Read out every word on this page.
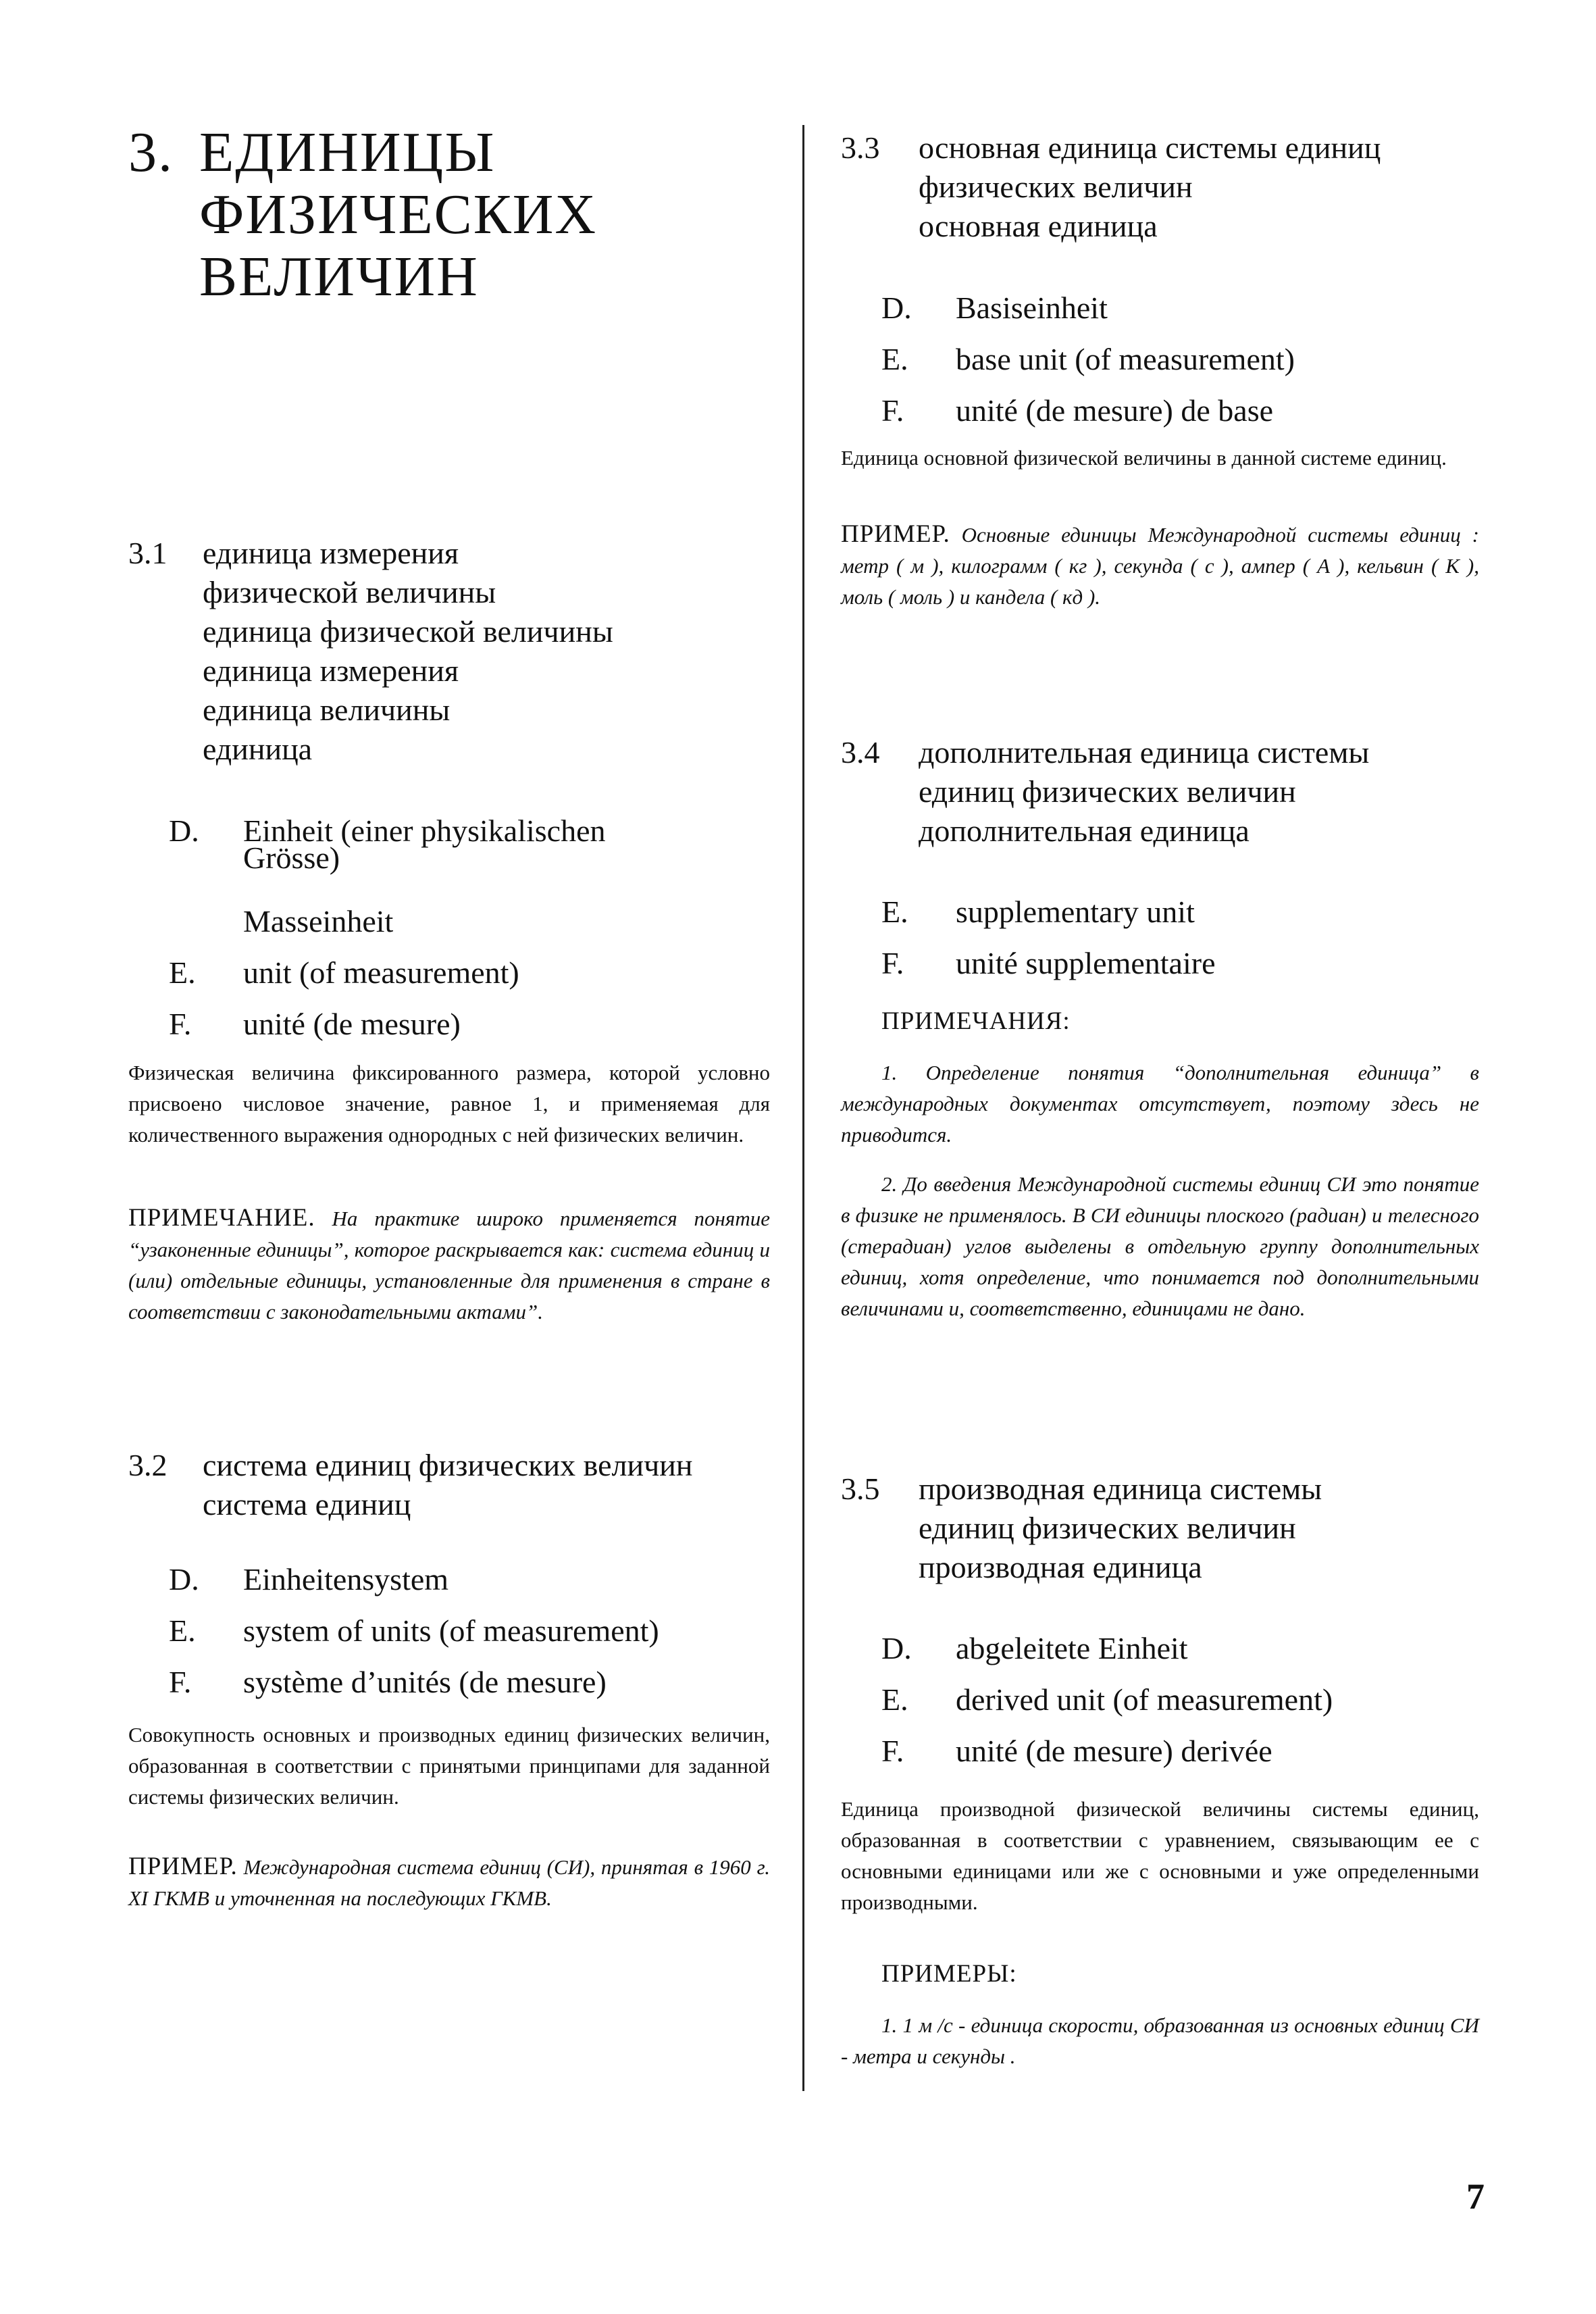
3. ЕДИНИЦЫ
ФИЗИЧЕСКИХ
ВЕЛИЧИН
3.1 единица измерения
физической величины
единица физической величины
единица измерения
единица величины
единица
D. Einheit (einer physikalischen
Grösse)
Masseinheit
E. unit (of measurement)
F. unité (de mesure)
Физическая величина фиксированного размера, которой условно присвоено числовое значение, равное 1, и применяемая для количественного выражения однородных с ней физических величин.
ПРИМЕЧАНИЕ. На практике широко применяется понятие “узаконенные единицы”, которое раскрывается как: система единиц и (или) отдельные единицы, установленные для применения в стране в соответствии с законодательными актами”.
3.2 система единиц физических величин
система единиц
D. Einheitensystem
E. system of units (of measurement)
F. système d’unités (de mesure)
Совокупность основных и производных единиц физических величин, образованная в соответствии с принятыми принципами для заданной системы физических величин.
ПРИМЕР. Международная система единиц (СИ), принятая в 1960 г. XI ГКМВ и уточненная на последующих ГКМВ.
3.3 основная единица системы единиц
физических величин
основная единица
D. Basiseinheit
E. base unit (of measurement)
F. unité (de mesure) de base
Единица основной физической величины в данной системе единиц.
ПРИМЕР. Основные единицы Международной системы единиц : метр ( м ), килограмм ( кг ), секунда ( с ), ампер ( А ), кельвин ( К ), моль ( моль ) и кандела ( кд ).
3.4 дополнительная единица системы
единиц физических величин
дополнительная единица
E. supplementary unit
F. unité supplementaire
ПРИМЕЧАНИЯ:
1. Определение понятия “дополнительная единица” в международных документах отсутствует, поэтому здесь не приводится.
2. До введения Международной системы единиц СИ это понятие в физике не применялось. В СИ единицы плоского (радиан) и телесного (стерадиан) углов выделены в отдельную группу дополнительных единиц, хотя определение, что понимается под дополнительными величинами и, соответственно, единицами не дано.
3.5 производная единица системы
единиц физических величин
производная единица
D. abgeleitete Einheit
E. derived unit (of measurement)
F. unité (de mesure) derivée
Единица производной физической величины системы единиц, образованная в соответствии с уравнением, связывающим ее с основными единицами или же с основными и уже определенными производными.
ПРИМЕРЫ:
1. 1 м /с - единица скорости, образованная из основных единиц СИ - метра и секунды .
7
